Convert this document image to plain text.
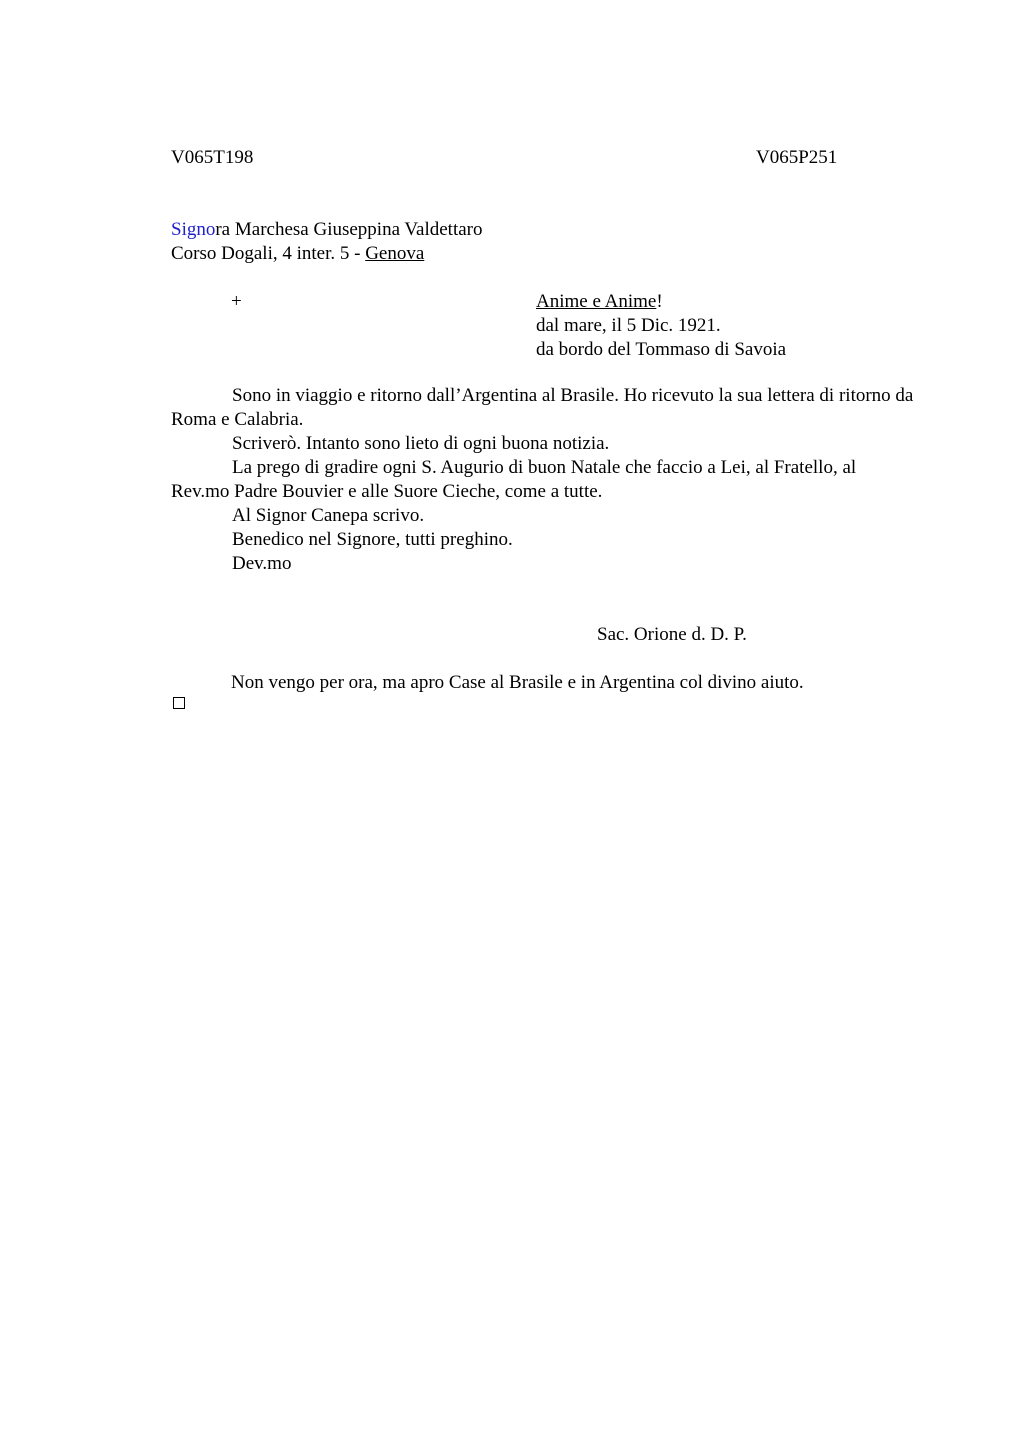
V065T198	V065P251
Signora Marchesa Giuseppina Valdettaro
Corso Dogali, 4 inter. 5 - Genova
+	Anime e Anime!
dal mare, il 5 Dic. 1921.
da bordo del Tommaso di Savoia

Sono in viaggio e ritorno dall’Argentina al Brasile. Ho ricevuto la sua lettera di ritorno da Roma e Calabria.

Scriverò. Intanto sono lieto di ogni buona notizia.

La prego di gradire ogni S. Augurio di buon Natale che faccio a Lei, al Fratello, al Rev.mo Padre Bouvier e alle Suore Cieche, come a tutte.

Al Signor Canepa scrivo.

Benedico nel Signore, tutti preghino.

Dev.mo

Sac. Orione d. D. P.
Non vengo per ora, ma apro Case al Brasile e in Argentina col divino aiuto.
